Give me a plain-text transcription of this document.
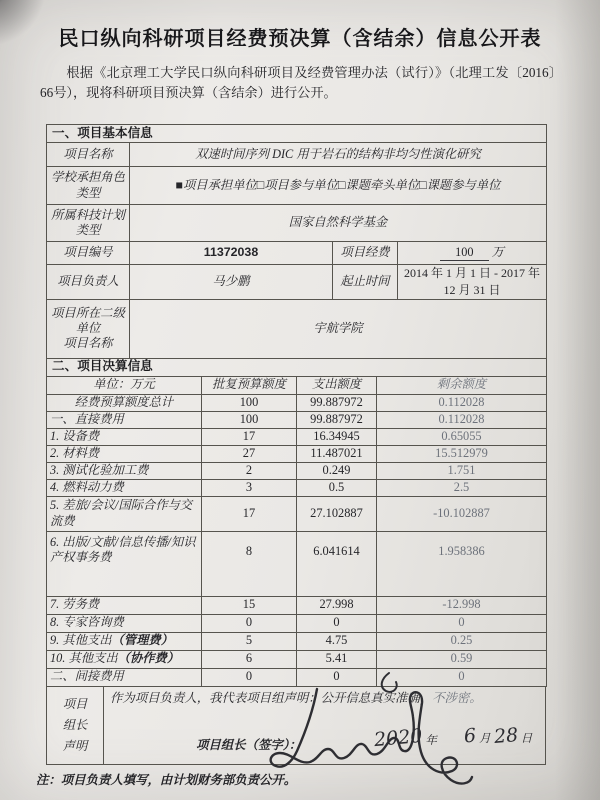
民口纵向科研项目经费预决算（含结余）信息公开表
根据《北京理工大学民口纵向科研项目及经费管理办法（试行）》（北理工发〔2016〕66号），现将科研项目预决算（含结余）进行公开。
一、项目基本信息			
项目名称	双速时间序列 DIC 用于岩石的结构非均匀性演化研究		
学校承担角色
类型	■项目承担单位□项目参与单位□课题牵头单位□课题参与单位		
所属科技计划
类型	国家自然科学基金		
项目编号	11372038	项目经费	100 万
项目负责人	马少鹏	起止时间	2014 年 1 月 1 日 - 2017 年 12 月 31 日
项目所在二级
单位
项目名称	宇航学院		
二、项目决算信息			
单位：万元	批复预算额度	支出额度	剩余额度
经费预算额度总计	100	99.887972	0.112028
一、直接费用	100	99.887972	0.112028
1. 设备费	17	16.34945	0.65055
2. 材料费	27	11.487021	15.512979
3. 测试化验加工费	2	0.249	1.751
4. 燃料动力费	3	0.5	2.5
5. 差旅/会议/国际合作与交流费	17	27.102887	-10.102887

6. 出版/文献/信息传播/知识产权事务费	8	6.041614	1.958386
7. 劳务费	15	27.998	-12.998
8. 专家咨询费	0	0	0
9. 其他支出（管理费）	5	4.75	0.25
10. 其他支出（协作费）	6	5.41	0.59
二、间接费用	0	0	0
项目
组长
声明
作为项目负责人，我代表项目组声明：公开信息真实准确，不涉密。
项目组长（签字）：	2020 年 6 月 28 日
注：项目负责人填写，由计划财务部负责公开。
